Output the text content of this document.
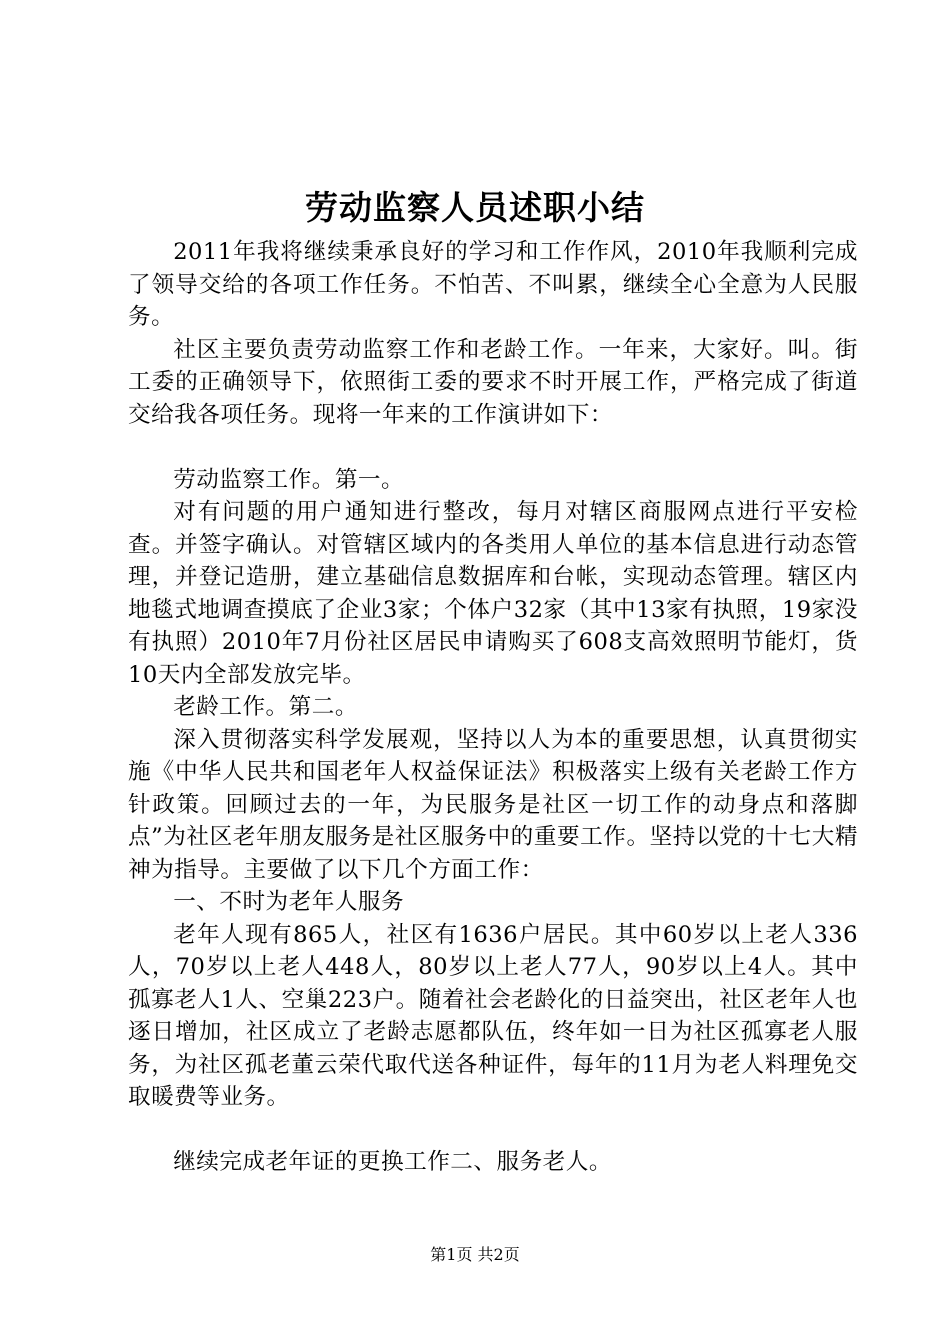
劳动监察人员述职小结

2011年我将继续秉承良好的学习和工作作风，2010年我顺利完成了领导交给的各项工作任务。不怕苦、不叫累，继续全心全意为人民服务。

社区主要负责劳动监察工作和老龄工作。一年来，大家好。叫。街工委的正确领导下，依照街工委的要求不时开展工作，严格完成了街道交给我各项任务。现将一年来的工作演讲如下：

劳动监察工作。第一。

对有问题的用户通知进行整改，每月对辖区商服网点进行平安检查。并签字确认。对管辖区域内的各类用人单位的基本信息进行动态管理，并登记造册，建立基础信息数据库和台帐，实现动态管理。辖区内地毯式地调查摸底了企业3家；个体户32家（其中13家有执照，19家没有执照）2010年7月份社区居民申请购买了608支高效照明节能灯，货10天内全部发放完毕。

老龄工作。第二。

深入贯彻落实科学发展观，坚持以人为本的重要思想，认真贯彻实施《中华人民共和国老年人权益保证法》积极落实上级有关老龄工作方针政策。回顾过去的一年，为民服务是社区一切工作的动身点和落脚点”为社区老年朋友服务是社区服务中的重要工作。坚持以党的十七大精神为指导。主要做了以下几个方面工作：

一、不时为老年人服务

老年人现有865人，社区有1636户居民。其中60岁以上老人336人，70岁以上老人448人，80岁以上老人77人，90岁以上4人。其中孤寡老人1人、空巢223户。随着社会老龄化的日益突出，社区老年人也逐日增加，社区成立了老龄志愿都队伍，终年如一日为社区孤寡老人服务，为社区孤老董云荣代取代送各种证件，每年的11月为老人料理免交取暖费等业务。

继续完成老年证的更换工作二、服务老人。

第1页 共2页
